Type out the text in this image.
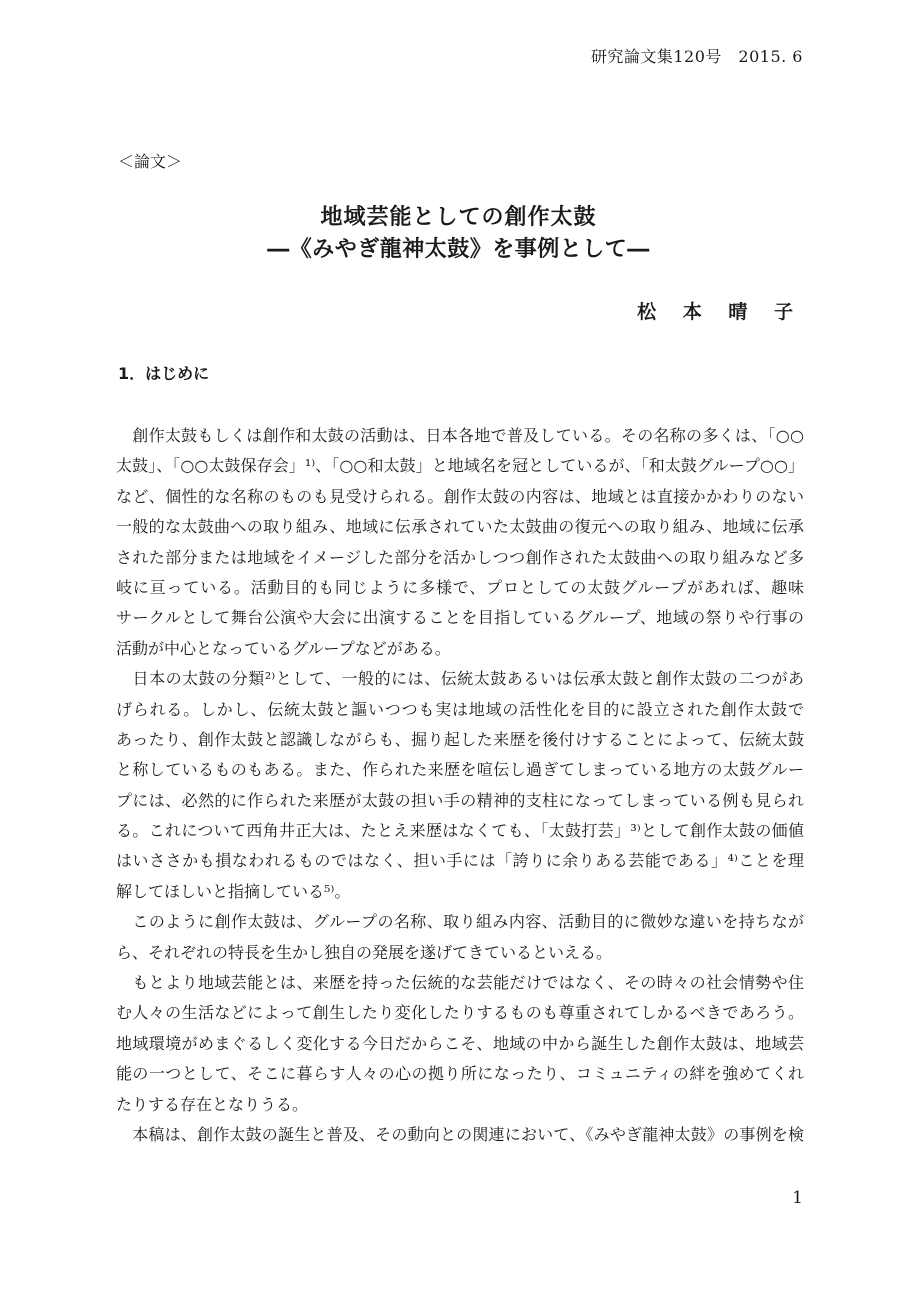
研究論文集120号　2015. 6
＜論文＞
地域芸能としての創作太鼓
―《みやぎ龍神太鼓》を事例として―
松 本 晴 子
1．はじめに
　創作太鼓もしくは創作和太鼓の活動は、日本各地で普及している。その名称の多くは、「○○
太鼓」、「○○太鼓保存会」¹⁾、「○○和太鼓」と地域名を冠としているが、「和太鼓グループ○○」
など、個性的な名称のものも見受けられる。創作太鼓の内容は、地域とは直接かかわりのない
一般的な太鼓曲への取り組み、地域に伝承されていた太鼓曲の復元への取り組み、地域に伝承
された部分または地域をイメージした部分を活かしつつ創作された太鼓曲への取り組みなど多
岐に亘っている。活動目的も同じように多様で、プロとしての太鼓グループがあれば、趣味
サークルとして舞台公演や大会に出演することを目指しているグループ、地域の祭りや行事の
活動が中心となっているグループなどがある。
　日本の太鼓の分類²⁾として、一般的には、伝統太鼓あるいは伝承太鼓と創作太鼓の二つがあ
げられる。しかし、伝統太鼓と謳いつつも実は地域の活性化を目的に設立された創作太鼓で
あったり、創作太鼓と認識しながらも、掘り起した来歴を後付けすることによって、伝統太鼓
と称しているものもある。また、作られた来歴を喧伝し過ぎてしまっている地方の太鼓グルー
プには、必然的に作られた来歴が太鼓の担い手の精神的支柱になってしまっている例も見られ
る。これについて西角井正大は、たとえ来歴はなくても、「太鼓打芸」³⁾として創作太鼓の価値
はいささかも損なわれるものではなく、担い手には「誇りに余りある芸能である」⁴⁾ことを理
解してほしいと指摘している⁵⁾。
　このように創作太鼓は、グループの名称、取り組み内容、活動目的に微妙な違いを持ちなが
ら、それぞれの特長を生かし独自の発展を遂げてきているといえる。
　もとより地域芸能とは、来歴を持った伝統的な芸能だけではなく、その時々の社会情勢や住
む人々の生活などによって創生したり変化したりするものも尊重されてしかるべきであろう。
地域環境がめまぐるしく変化する今日だからこそ、地域の中から誕生した創作太鼓は、地域芸
能の一つとして、そこに暮らす人々の心の拠り所になったり、コミュニティの絆を強めてくれ
たりする存在となりうる。
　本稿は、創作太鼓の誕生と普及、その動向との関連において、《みやぎ龍神太鼓》の事例を検
1
